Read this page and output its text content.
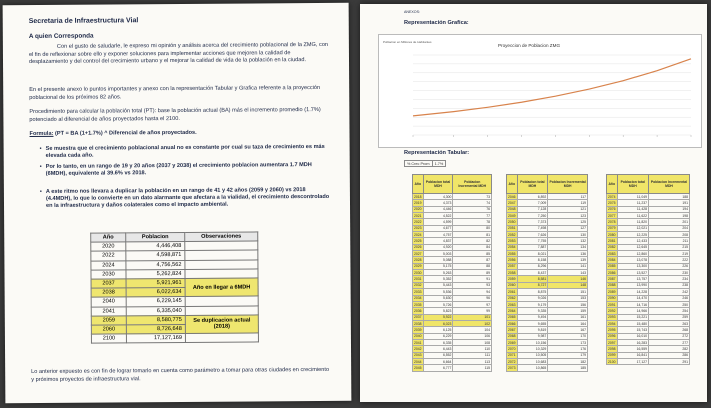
Secretaria de Infraestructura Vial
A quien Corresponda
Con el gusto de saludarle, le expreso mi opinión y análisis acerca del crecimiento poblacional de la ZMG, con el fin de reflexionar sobre ello y exponer soluciones para implementar acciones que mejoren la calidad de desplazamiento y del control del crecimiento urbano y el mejorar la calidad de vida de la población en la ciudad.
En el presente anexo lo puntos importantes y anexo con la representación Tabular y Grafica referente a la proyección poblacional de los próximos 82 años.
Procedimiento para calcular la población total (PT): base la población actual (BA) más el incremento promedio (1.7%) potenciado al diferencial de años proyectados hasta el 2100.
Formula: (PT = BA (1+1.7%) ^ Diferencial de años proyectados.
• Se muestra que el crecimiento poblacional anual no es constante por cual su taza de crecimiento es más elevada cada año.
• Por lo tanto, en un rango de 19 y 20 años (2037 y 2038) el crecimiento poblacion aumentara 1.7 MDH (6MDH), equivalente al 39.6% vs 2018.
• A este ritmo nos llevara a duplicar la población en un rango de 41 y 42 años (2059 y 2060) vs 2018 (4.4MDH), lo que lo convierte en un dato alarmante que afectara a la vialidad, el crecimiento descontrolado en la infraestructura y daños colaterales como el impacto ambiental.
Año	Poblacion	Observaciones
2020	4,446,408	
2022	4,598,871	
2024	4,756,562	
2030	5,262,824	
2037	5,921,961	Año en llegar a 6MDH
2038	6,022,634	
2040	6,229,145	
2041	6,335,040	
2059	8,580,775	Se duplicacion actual (2018)
2060	8,726,648	
2100	17,127,169	
Lo anterior expuesto es con fin de lograr tomarlo en cuenta como parámetro a tomar para otras ciudades en crecimiento y próximos proyectos de infraestructura vial.
ANEXOS:
Representación Grafica:
Proyeccion de Poblacion ZMG
Poblacion en Millones de Habitantes
Representación Tabular:
% Crec Prom	1.7%
Año	Poblacion total MDH	Poblacion Incremental MDH
2018	4,300	73
2019	4,373	74
2020	4,446	76
2021	4,522	77
2022	4,599	78
2023	4,677	80
2024	4,757	81
2025	4,837	82
2026	4,920	84
2027	5,003	85
2028	5,088	87
2029	5,175	88
2030	5,263	89
2031	5,352	91
2032	5,443	93
2033	5,536	94
2034	5,630	96
2035	5,726	97
2036	5,823	99
2037	5,922	101
2038	6,023	102
2039	6,125	104
2040	6,229	106
2041	6,335	108
2042	6,443	110
2043	6,552	111
2044	6,664	113
2045	6,777	115
Año	Poblacion total MDH	Poblacion Incremental MDH
2046	6,892	117
2047	7,009	119
2048	7,128	121
2049	7,250	123
2050	7,373	125
2051	7,498	127
2052	7,626	130
2053	7,755	132
2054	7,887	134
2055	8,021	136
2056	8,158	139
2057	8,296	141
2058	8,437	143
2059	8,581	146
2060	8,727	148
2061	8,875	151
2062	9,026	153
2063	9,179	156
2064	9,335	159
2065	9,494	161
2066	9,655	164
2067	9,819	167
2068	9,987	170
2069	10,156	173
2070	10,329	176
2071	10,505	179
2072	10,683	182
2073	10,865	185
Año	Poblacion total MDH	Poblacion Incremental MDH
2074	11,049	188
2075	11,237	191
2076	11,428	194
2077	11,622	198
2078	11,820	201
2079	12,021	204
2080	12,225	208
2081	12,433	211
2082	12,645	215
2083	12,860	219
2084	13,078	222
2085	13,300	226
2086	13,527	230
2087	13,757	234
2088	13,990	238
2089	14,228	242
2090	14,470	246
2091	14,716	250
2092	14,966	254
2093	15,221	259
2094	15,480	263
2095	15,743	268
2096	16,010	272
2097	16,283	277
2098	16,559	282
2099	16,841	286
2100	17,127	291
